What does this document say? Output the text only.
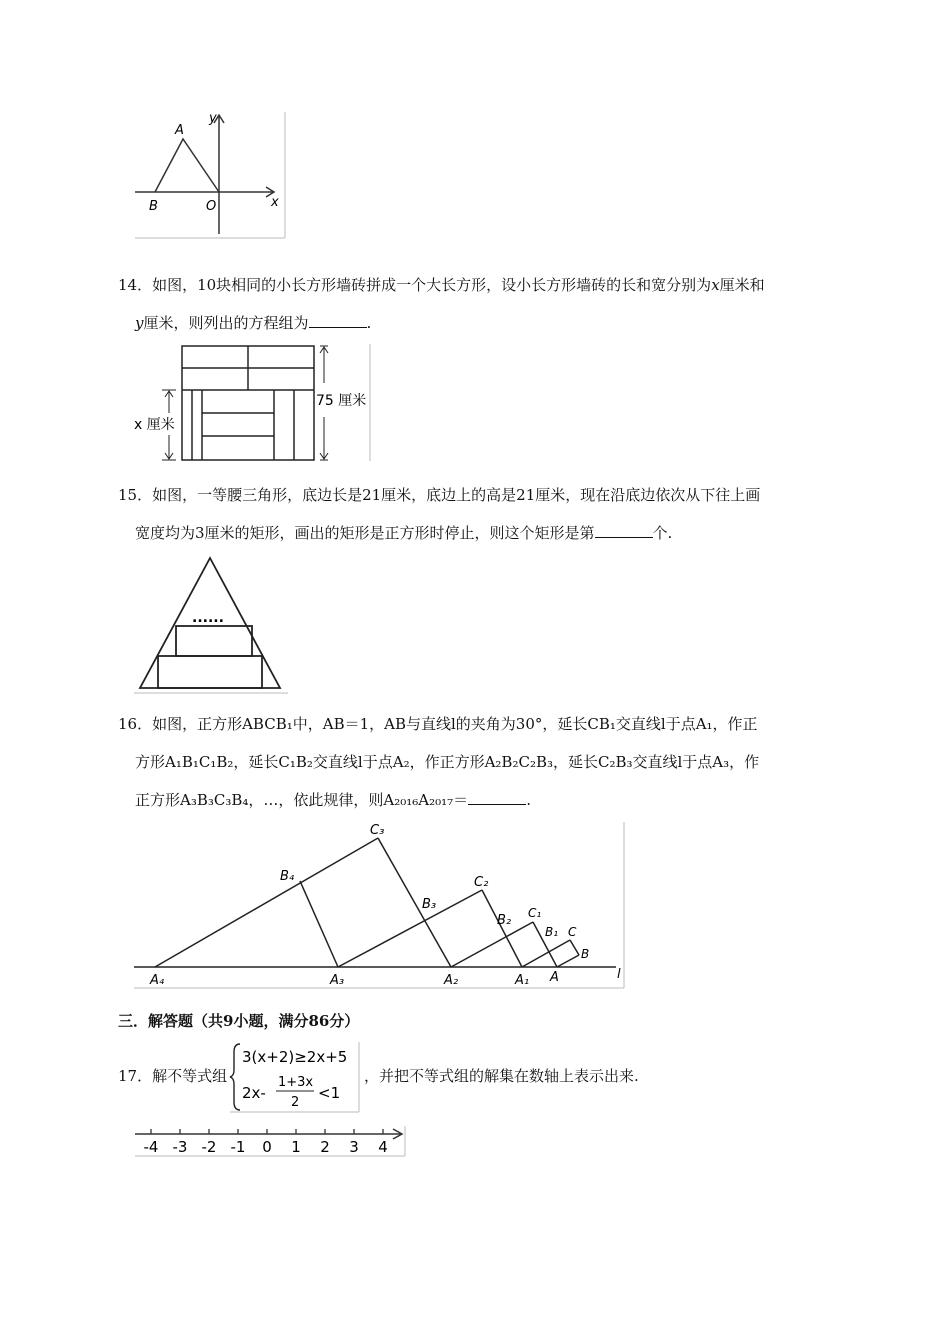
A
B	O	x
y

14．如图，10块相同的小长方形墙砖拼成一个大长方形，设小长方形墙砖的长和宽分别为x厘米和

y厘米，则列出的方程组为	.

75 厘米
x 厘米

15．如图，一等腰三角形，底边长是21厘米，底边上的高是21厘米，现在沿底边依次从下往上画

宽度均为3厘米的矩形，画出的矩形是正方形时停止，则这个矩形是第	个.

......

16．如图，正方形ABCB₁中，AB＝1，AB与直线l的夹角为30°，延长CB₁交直线l于点A₁，作正

方形A₁B₁C₁B₂，延长C₁B₂交直线l于点A₂，作正方形A₂B₂C₂B₃，延长C₂B₃交直线l于点A₃，作

正方形A₃B₃C₃B₄，…，依此规律，则A₂₀₁₆A₂₀₁₇＝	.

A₄	A₃	A₂	A₁ A	l
B₄
B₃
B₂
B₁
B
C₃
C₂
C₁
C
三．解答题（共9小题，满分86分）
17．解不等式组
3(x+2)≥2x+5
2x-
1+3x
2
<1
，并把不等式组的解集在数轴上表示出来.
-4 -3 -2 -1 0 1 2 3 4
